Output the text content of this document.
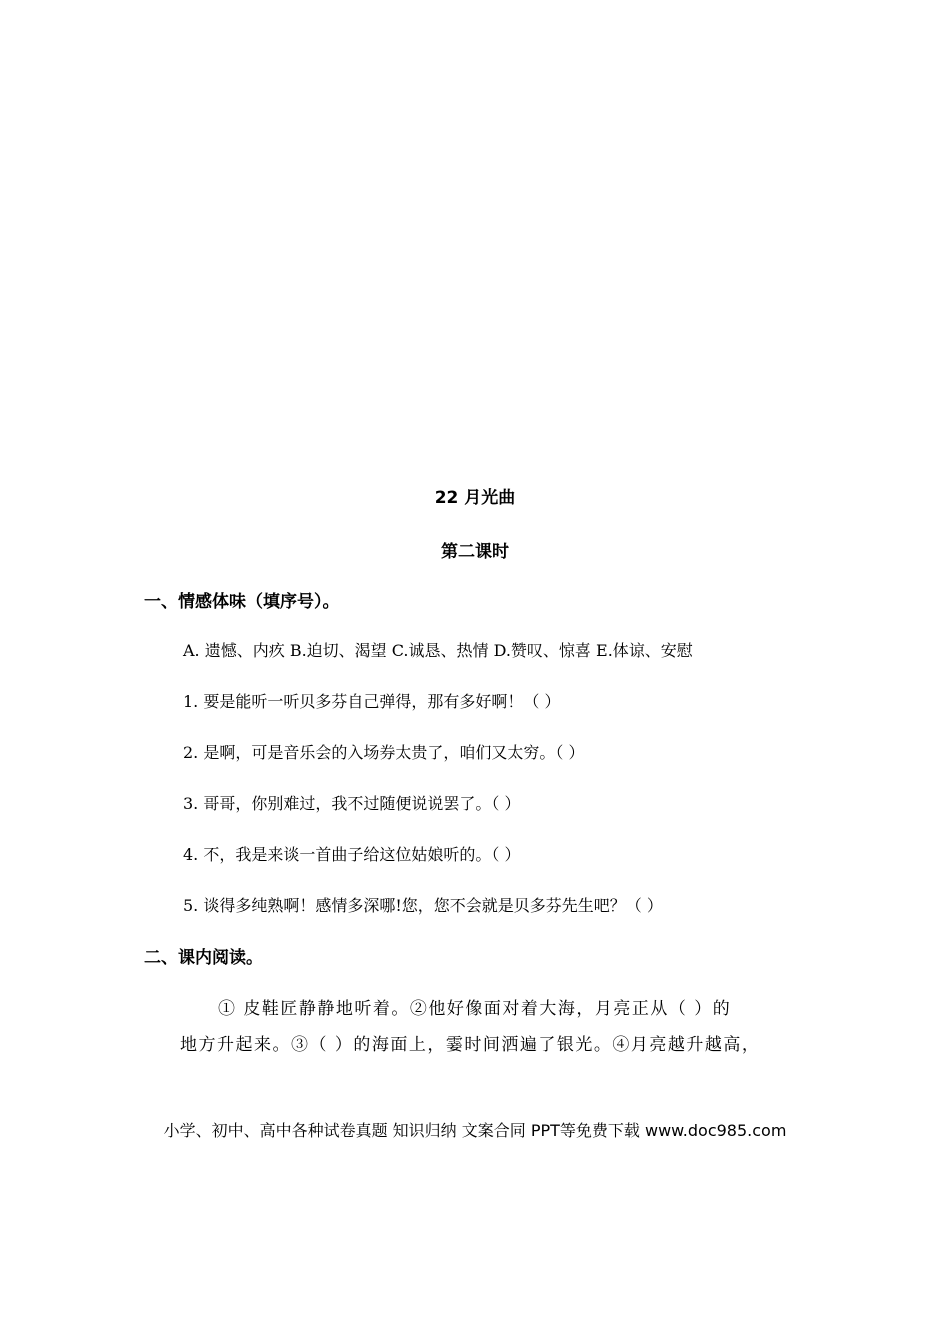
22 月光曲
第二课时
一、情感体味（填序号）。
A. 遗憾、内疚 B.迫切、渴望 C.诚恳、热情 D.赞叹、惊喜 E.体谅、安慰
1. 要是能听一听贝多芬自己弹得，那有多好啊！（ ）
2. 是啊，可是音乐会的入场券太贵了，咱们又太穷。（ ）
3. 哥哥，你别难过，我不过随便说说罢了。（ ）
4. 不，我是来谈一首曲子给这位姑娘听的。（ ）
5. 谈得多纯熟啊！感情多深哪!您，您不会就是贝多芬先生吧？（ ）
二、课内阅读。
① 皮鞋匠静静地听着。②他好像面对着大海，月亮正从（ ）的
地方升起来。③（ ）的海面上，霎时间洒遍了银光。④月亮越升越高，
小学、初中、高中各种试卷真题 知识归纳 文案合同 PPT等免费下载 www.doc985.com
